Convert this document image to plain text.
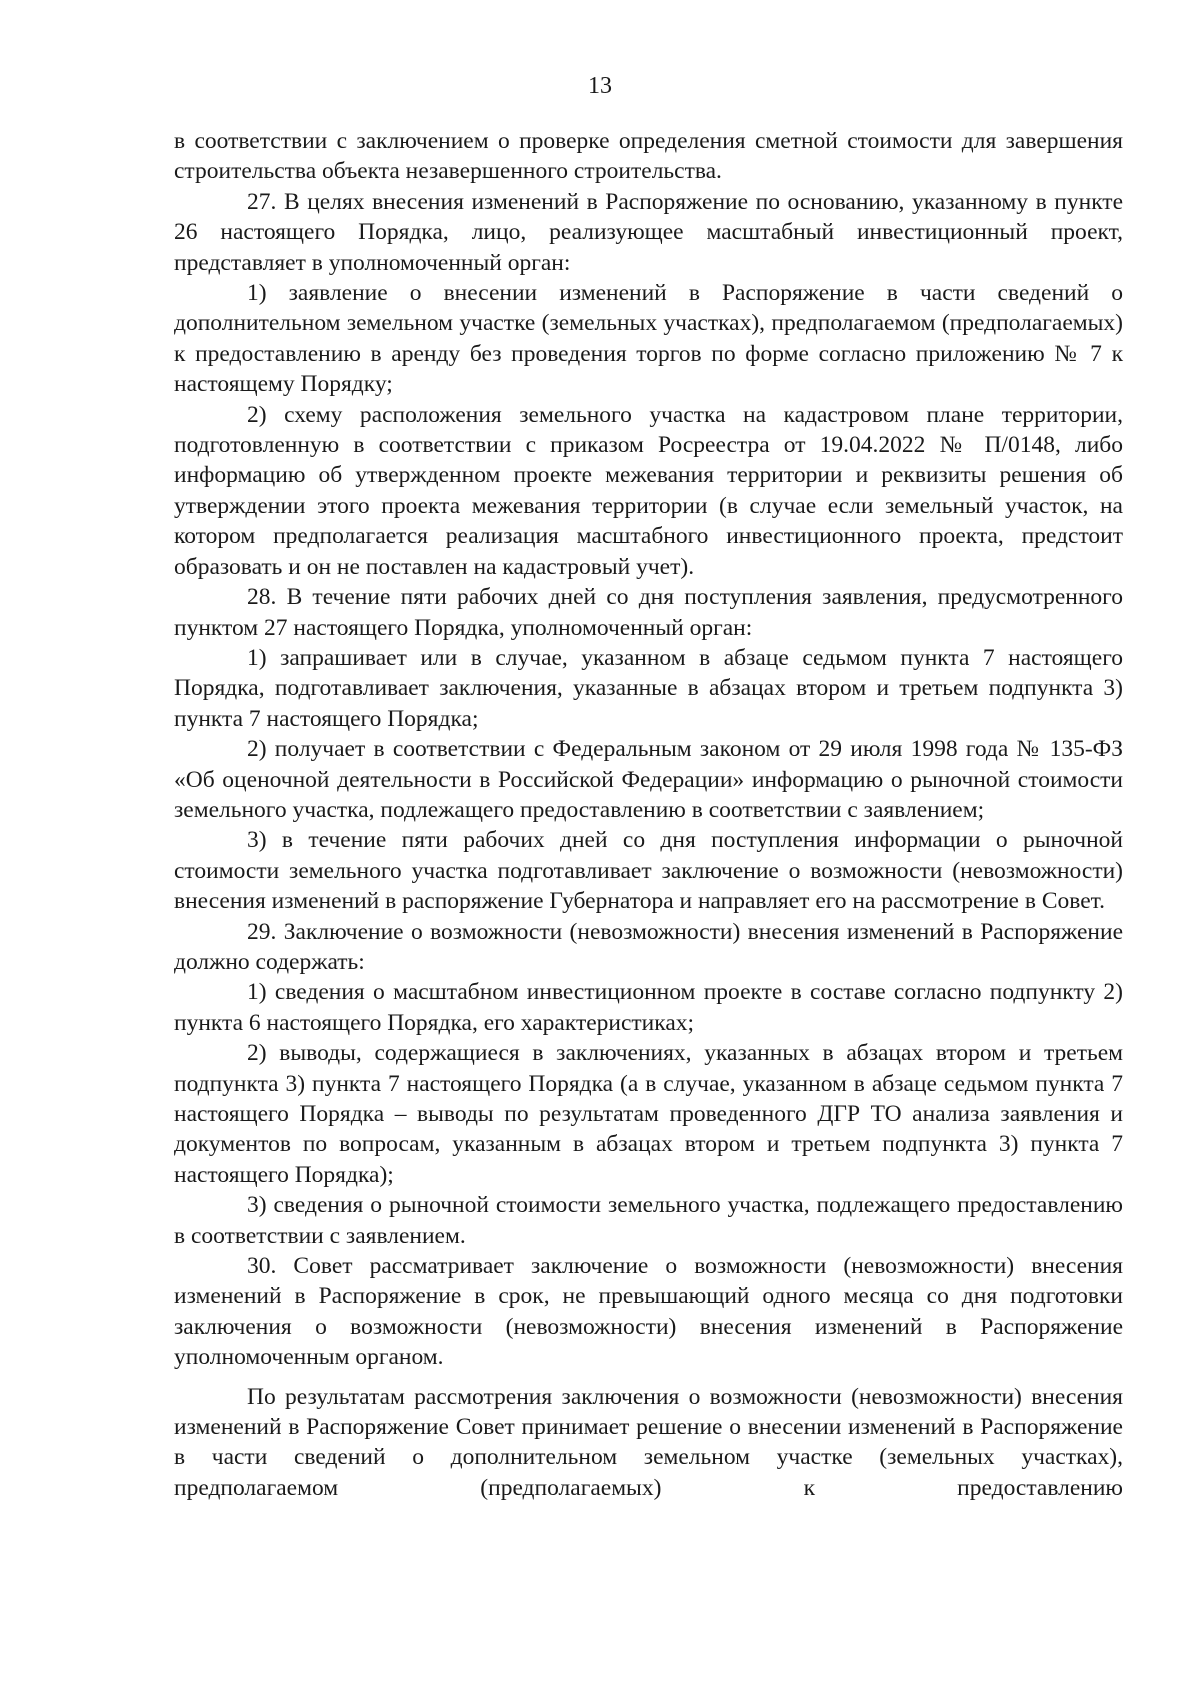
13

в соответствии с заключением о проверке определения сметной стоимости для завершения строительства объекта незавершенного строительства.

27. В целях внесения изменений в Распоряжение по основанию, указанному в пункте 26 настоящего Порядка, лицо, реализующее масштабный инвестиционный проект, представляет в уполномоченный орган:

1) заявление о внесении изменений в Распоряжение в части сведений о дополнительном земельном участке (земельных участках), предполагаемом (предполагаемых) к предоставлению в аренду без проведения торгов по форме согласно приложению № 7 к настоящему Порядку;

2) схему расположения земельного участка на кадастровом плане территории, подготовленную в соответствии с приказом Росреестра от 19.04.2022 № П/0148, либо информацию об утвержденном проекте межевания территории и реквизиты решения об утверждении этого проекта межевания территории (в случае если земельный участок, на котором предполагается реализация масштабного инвестиционного проекта, предстоит образовать и он не поставлен на кадастровый учет).

28. В течение пяти рабочих дней со дня поступления заявления, предусмотренного пунктом 27 настоящего Порядка, уполномоченный орган:

1) запрашивает или в случае, указанном в абзаце седьмом пункта 7 настоящего Порядка, подготавливает заключения, указанные в абзацах втором и третьем подпункта 3) пункта 7 настоящего Порядка;

2) получает в соответствии с Федеральным законом от 29 июля 1998 года № 135-ФЗ «Об оценочной деятельности в Российской Федерации» информацию о рыночной стоимости земельного участка, подлежащего предоставлению в соответствии с заявлением;

3) в течение пяти рабочих дней со дня поступления информации о рыночной стоимости земельного участка подготавливает заключение о возможности (невозможности) внесения изменений в распоряжение Губернатора и направляет его на рассмотрение в Совет.

29. Заключение о возможности (невозможности) внесения изменений в Распоряжение должно содержать:

1) сведения о масштабном инвестиционном проекте в составе согласно подпункту 2) пункта 6 настоящего Порядка, его характеристиках;

2) выводы, содержащиеся в заключениях, указанных в абзацах втором и третьем подпункта 3) пункта 7 настоящего Порядка (а в случае, указанном в абзаце седьмом пункта 7 настоящего Порядка – выводы по результатам проведенного ДГР ТО анализа заявления и документов по вопросам, указанным в абзацах втором и третьем подпункта 3) пункта 7 настоящего Порядка);

3) сведения о рыночной стоимости земельного участка, подлежащего предоставлению в соответствии с заявлением.

30. Совет рассматривает заключение о возможности (невозможности) внесения изменений в Распоряжение в срок, не превышающий одного месяца со дня подготовки заключения о возможности (невозможности) внесения изменений в Распоряжение уполномоченным органом.

По результатам рассмотрения заключения о возможности (невозможности) внесения изменений в Распоряжение Совет принимает решение о внесении изменений в Распоряжение в части сведений о дополнительном земельном участке (земельных участках), предполагаемом (предполагаемых) к предоставлению
